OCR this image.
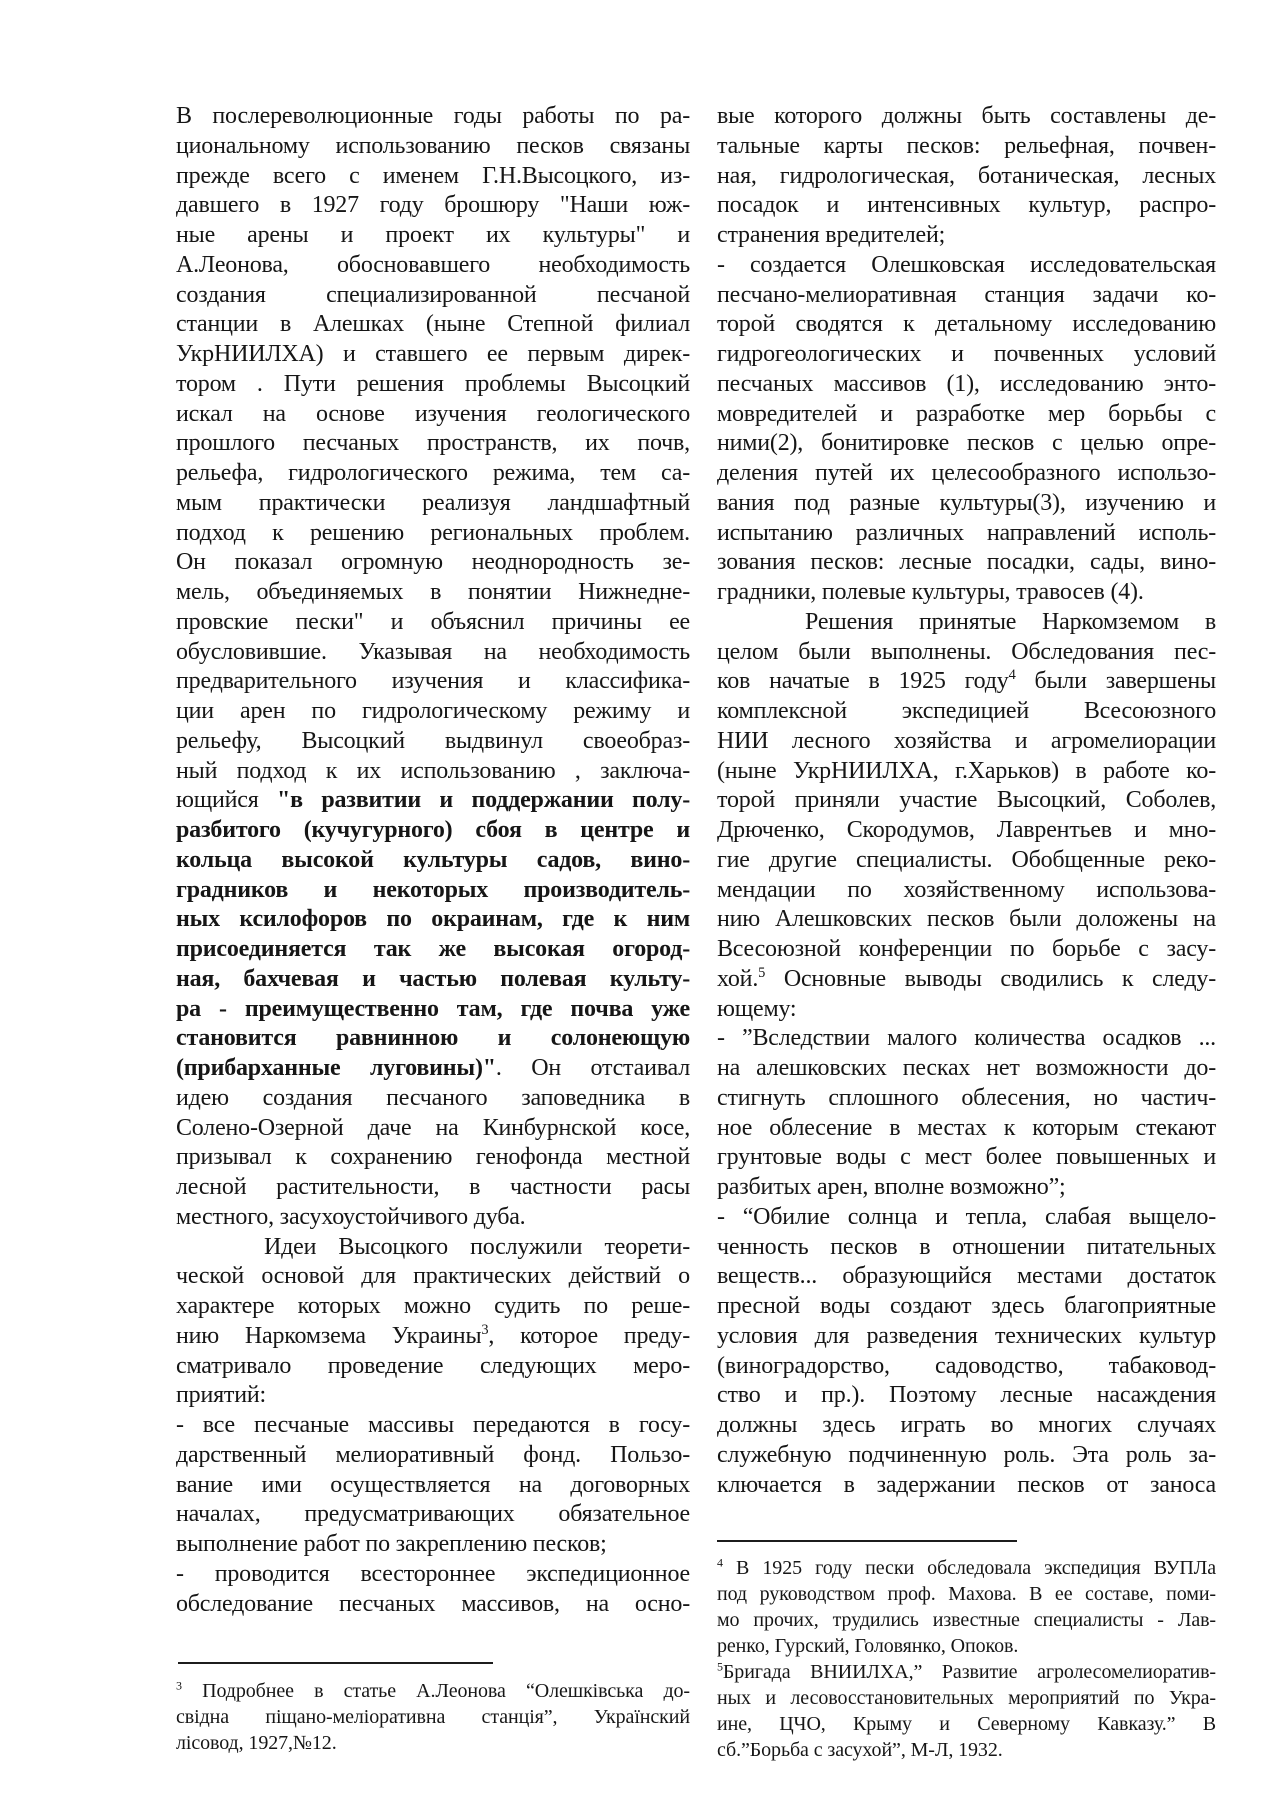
В послереволюционные годы работы по ра-
циональному использованию песков связаны
прежде всего с именем Г.Н.Высоцкого, из-
давшего в 1927 году брошюру "Наши юж-
ные арены и проект их культуры" и
А.Леонова, обосновавшего необходимость
создания специализированной песчаной
станции в Алешках (ныне Степной филиал
УкрНИИЛХА) и ставшего ее первым дирек-
тором . Пути решения проблемы Высоцкий
искал на основе изучения геологического
прошлого песчаных пространств, их почв,
рельефа, гидрологического режима, тем са-
мым практически реализуя ландшафтный
подход к решению региональных проблем.
Он показал огромную неоднородность зе-
мель, объединяемых в понятии Нижнедне-
провские пески" и объяснил причины ее
обусловившие. Указывая на необходимость
предварительного изучения и классифика-
ции арен по гидрологическому режиму и
рельефу, Высоцкий выдвинул своеобраз-
ный подход к их использованию , заключа-
ющийся "в развитии и поддержании полу-
разбитого (кучугурного) сбоя в центре и
кольца высокой культуры садов, вино-
градников и некоторых производитель-
ных ксилофоров по окраинам, где к ним
присоединяется так же высокая огород-
ная, бахчевая и частью полевая культу-
ра - преимущественно там, где почва уже
становится равнинною и солонеющую
(прибарханные луговины)". Он отстаивал
идею создания песчаного заповедника в
Солено-Озерной даче на Кинбурнской косе,
призывал к сохранению генофонда местной
лесной растительности, в частности расы
местного, засухоустойчивого дуба.
Идеи Высоцкого послужили теорети-
ческой основой для практических действий о
характере которых можно судить по реше-
нию Наркомзема Украины$^3$, которое преду-
сматривало проведение следующих меро-
приятий:
- все песчаные массивы передаются в госу-
дарственный мелиоративный фонд. Пользо-
вание ими осуществляется на договорных
началах, предусматривающих обязательное
выполнение работ по закреплению песков;
- проводится всестороннее экспедиционное
обследование песчаных массивов, на осно-
вые которого должны быть составлены де-
тальные карты песков: рельефная, почвен-
ная, гидрологическая, ботаническая, лесных
посадок и интенсивных культур, распро-
странения вредителей;
- создается Олешковская исследовательская
песчано-мелиоративная станция задачи ко-
торой сводятся к детальному исследованию
гидрогеологических и почвенных условий
песчаных массивов (1), исследованию энто-
мовредителей и разработке мер борьбы с
ними(2), бонитировке песков с целью опре-
деления путей их целесообразного использо-
вания под разные культуры(3), изучению и
испытанию различных направлений исполь-
зования песков: лесные посадки, сады, вино-
градники, полевые культуры, травосев (4).
Решения принятые Наркомземом в
целом были выполнены. Обследования пес-
ков начатые в 1925 году$^4$ были завершены
комплексной экспедицией Всесоюзного
НИИ лесного хозяйства и агромелиорации
(ныне УкрНИИЛХА, г.Харьков) в работе ко-
торой приняли участие Высоцкий, Соболев,
Дрюченко, Скородумов, Лаврентьев и мно-
гие другие специалисты. Обобщенные реко-
мендации по хозяйственному использова-
нию Алешковских песков были доложены на
Всесоюзной конференции по борьбе с засу-
хой.$^5$ Основные выводы сводились к следу-
ющему:
- ”Вследствии малого количества осадков ...
на алешковских песках нет возможности до-
стигнуть сплошного облесения, но частич-
ное облесение в местах к которым стекают
грунтовые воды с мест более повышенных и
разбитых арен, вполне возможно”;
- “Обилие солнца и тепла, слабая выщело-
ченность песков в отношении питательных
веществ... образующийся местами достаток
пресной воды создают здесь благоприятные
условия для разведения технических культур
(виноградорство, садоводство, табаковод-
ство и пр.). Поэтому лесные насаждения
должны здесь играть во многих случаях
служебную подчиненную роль. Эта роль за-
ключается в задержании песков от заноса
$^3$ Подробнее в статье А.Леонова “Олешківська до-
свідна піщано-меліоративна станція”, Українский
лісовод, 1927,№12.
$^4$ В 1925 году пески обследовала экспедиция ВУПЛа
под руководством проф. Махова. В ее составе, поми-
мо прочих, трудились известные специалисты - Лав-
ренко, Гурский, Головянко, Опоков.
$^5$Бригада ВНИИЛХА,” Развитие агролесомелиоратив-
ных и лесовосстановительных мероприятий по Укра-
ине, ЦЧО, Крыму и Северному Кавказу.” В
сб.”Борьба с засухой”, М-Л, 1932.
